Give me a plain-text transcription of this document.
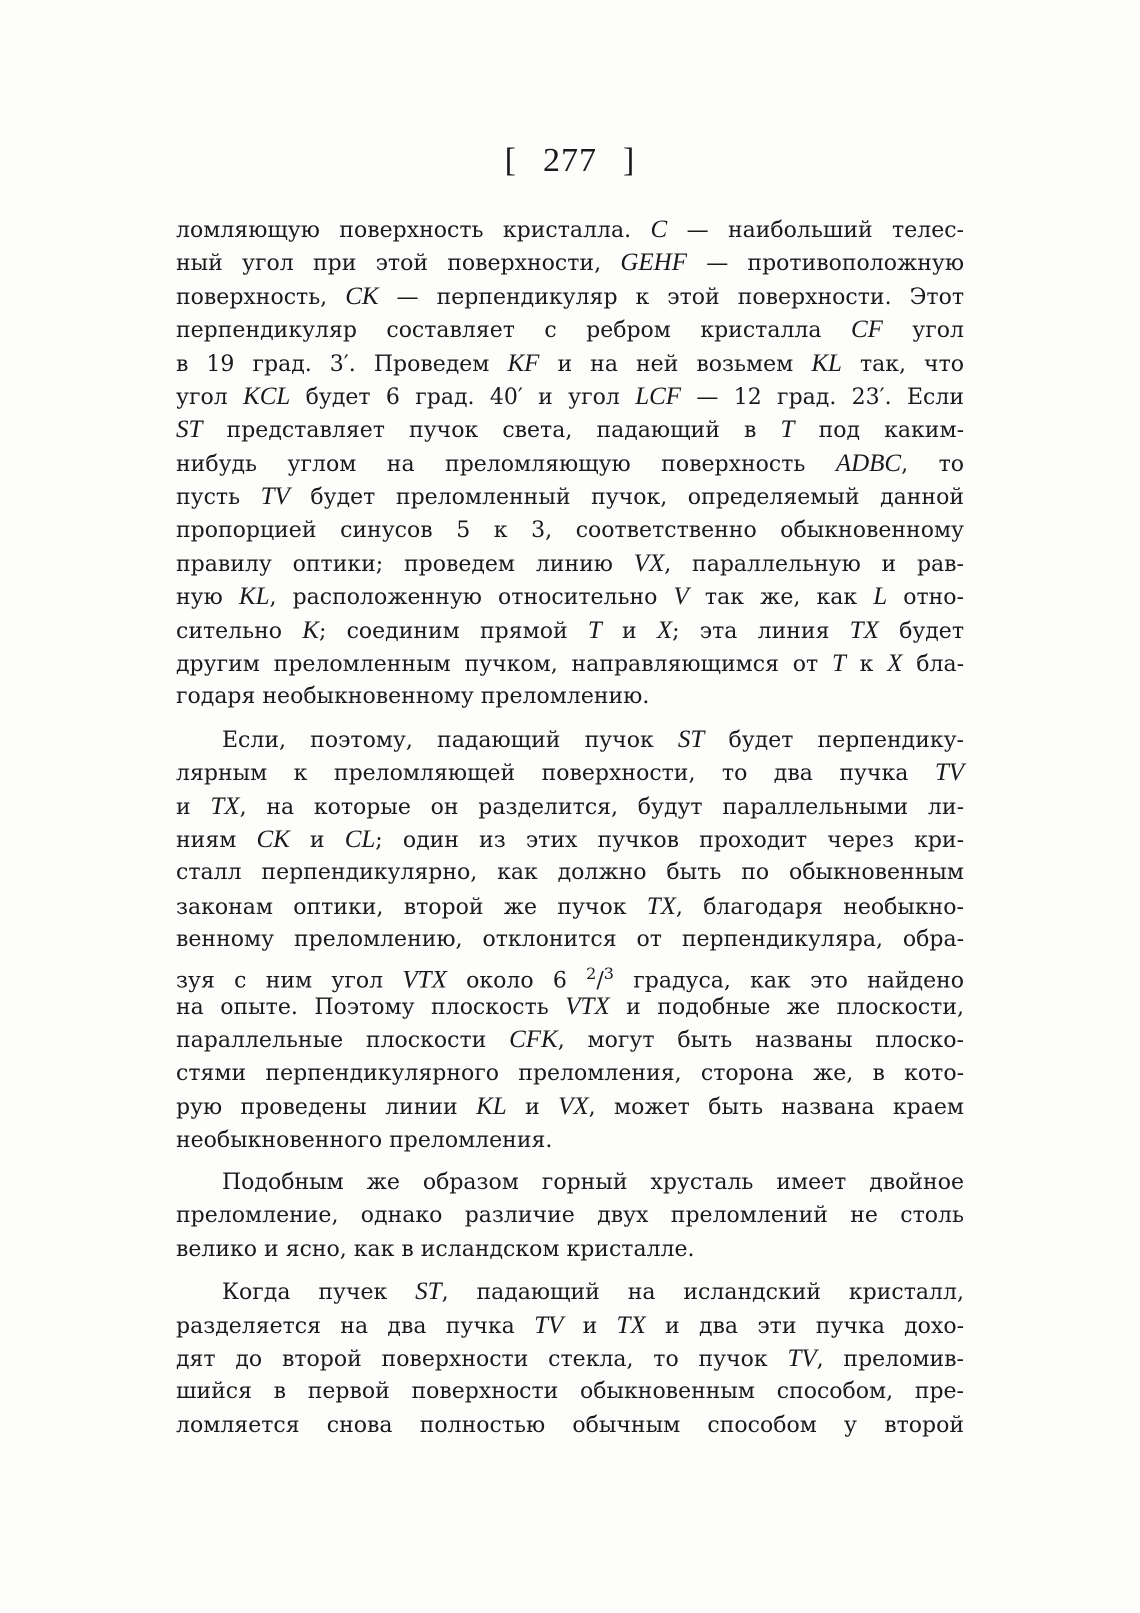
[ 277 ]
ломляющую поверхность кристалла. C — наибольший телес-
ный угол при этой поверхности, GEHF — противоположную
поверхность, CK — перпендикуляр к этой поверхности. Этот
перпендикуляр составляет с ребром кристалла CF угол
в 19 град. 3′. Проведем KF и на ней возьмем KL так, что
угол KCL будет 6 град. 40′ и угол LCF — 12 град. 23′. Если
ST представляет пучок света, падающий в T под каким-
нибудь углом на преломляющую поверхность ADBC, то
пусть TV будет преломленный пучок, определяемый данной
пропорцией синусов 5 к 3, соответственно обыкновенному
правилу оптики; проведем линию VX, параллельную и рав-
ную KL, расположенную относительно V так же, как L отно-
сительно K; соединим прямой T и X; эта линия TX будет
другим преломленным пучком, направляющимся от T к X бла-
годаря необыкновенному преломлению.
Если, поэтому, падающий пучок ST будет перпендику-
лярным к преломляющей поверхности, то два пучка TV
и TX, на которые он разделится, будут параллельными ли-
ниям CK и CL; один из этих пучков проходит через кри-
сталл перпендикулярно, как должно быть по обыкновенным
законам оптики, второй же пучок TX, благодаря необыкно-
венному преломлению, отклонится от перпендикуляра, обра-
зуя с ним угол VTX около 6 $^2$/$^3$ градуса, как это найдено
на опыте. Поэтому плоскость VTX и подобные же плоскости,
параллельные плоскости CFK, могут быть названы плоско-
стями перпендикулярного преломления, сторона же, в кото-
рую проведены линии KL и VX, может быть названа краем
необыкновенного преломления.
Подобным же образом горный хрусталь имеет двойное
преломление, однако различие двух преломлений не столь
велико и ясно, как в исландском кристалле.
Когда пучек ST, падающий на исландский кристалл,
разделяется на два пучка TV и TX и два эти пучка дохо-
дят до второй поверхности стекла, то пучок TV, преломив-
шийся в первой поверхности обыкновенным способом, пре-
ломляется снова полностью обычным способом у второй
